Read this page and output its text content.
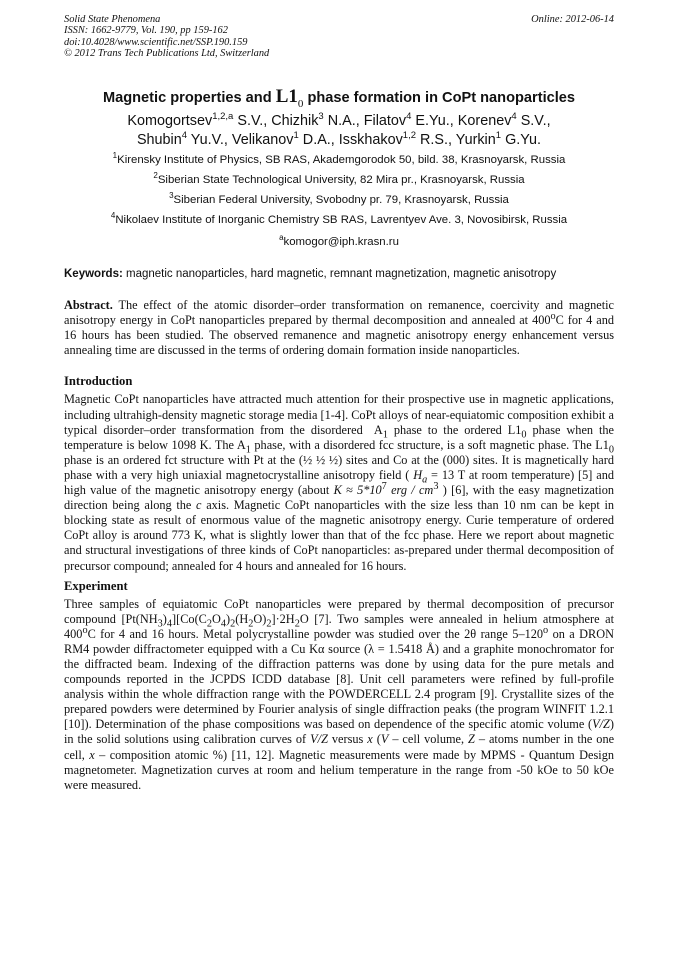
Solid State Phenomena
ISSN: 1662-9779, Vol. 190, pp 159-162
doi:10.4028/www.scientific.net/SSP.190.159
© 2012 Trans Tech Publications Ltd, Switzerland
Online: 2012-06-14
Magnetic properties and $L1_0$ phase formation in CoPt nanoparticles
Komogortsev$^{1,2,a}$ S.V., Chizhik$^3$ N.A., Filatov$^4$ E.Yu., Korenev$^4$ S.V.,
Shubin$^4$ Yu.V., Velikanov$^1$ D.A., Isskhakov$^{1,2}$ R.S., Yurkin$^1$ G.Yu.
$^1$Kirensky Institute of Physics, SB RAS, Akademgorodok 50, bild. 38, Krasnoyarsk, Russia
$^2$Siberian State Technological University, 82 Mira pr., Krasnoyarsk, Russia
$^3$Siberian Federal University, Svobodny pr. 79, Krasnoyarsk, Russia
$^4$Nikolaev Institute of Inorganic Chemistry SB RAS, Lavrentyev Ave. 3, Novosibirsk, Russia
$^a$komogor@iph.krasn.ru
Keywords: magnetic nanoparticles, hard magnetic, remnant magnetization, magnetic anisotropy

Abstract. The effect of the atomic disorder–order transformation on remanence, coercivity and magnetic anisotropy energy in CoPt nanoparticles prepared by thermal decomposition and annealed at 400$^o$C for 4 and 16 hours has been studied. The observed remanence and magnetic anisotropy energy enhancement versus annealing time are discussed in the terms of ordering domain formation inside nanoparticles.

Introduction

Magnetic CoPt nanoparticles have attracted much attention for their prospective use in magnetic applications, including ultrahigh-density magnetic storage media [1-4]. CoPt alloys of near-equiatomic composition exhibit a typical disorder–order transformation from the disordered $A_1$ phase to the ordered $L1_0$ phase when the temperature is below 1098 K. The $A_1$ phase, with a disordered fcc structure, is a soft magnetic phase. The $L1_0$ phase is an ordered fct structure with Pt at the (½ ½ ½) sites and Co at the (000) sites. It is magnetically hard phase with a very high uniaxial magnetocrystalline anisotropy field ( $H_a = 13$ T at room temperature) [5] and high value of the magnetic anisotropy energy (about $K \approx 5*10^7$ erg / $cm^3$ ) [6], with the easy magnetization direction being along the c axis. Magnetic CoPt nanoparticles with the size less than 10 nm can be kept in blocking state as result of enormous value of the magnetic anisotropy energy. Curie temperature of ordered CoPt alloy is around 773 K, what is slightly lower than that of the fcc phase. Here we report about magnetic and structural investigations of three kinds of CoPt nanoparticles: as-prepared under thermal decomposition of precursor compound; annealed for 4 hours and annealed for 16 hours.

Experiment

Three samples of equiatomic CoPt nanoparticles were prepared by thermal decomposition of precursor compound $[Pt(NH_3)_4][Co(C_2O_4)_2(H_2O)_2]\cdot 2H_2O$ [7]. Two samples were annealed in helium atmosphere at 400$^o$C for 4 and 16 hours. Metal polycrystalline powder was studied over the 2θ range 5–120$^o$ on a DRON RM4 powder diffractometer equipped with a Cu Kα source (λ = 1.5418 Å) and a graphite monochromator for the diffracted beam. Indexing of the diffraction patterns was done by using data for the pure metals and compounds reported in the JCPDS ICDD database [8]. Unit cell parameters were refined by full-profile analysis within the whole diffraction range with the POWDERCELL 2.4 program [9]. Crystallite sizes of the prepared powders were determined by Fourier analysis of single diffraction peaks (the program WINFIT 1.2.1 [10]). Determination of the phase compositions was based on dependence of the specific atomic volume (V/Z) in the solid solutions using calibration curves of V/Z versus x (V – cell volume, Z – atoms number in the one cell, x – composition atomic %) [11, 12]. Magnetic measurements were made by MPMS - Quantum Design magnetometer. Magnetization curves at room and helium temperature in the range from -50 kOe to 50 kOe were measured.
